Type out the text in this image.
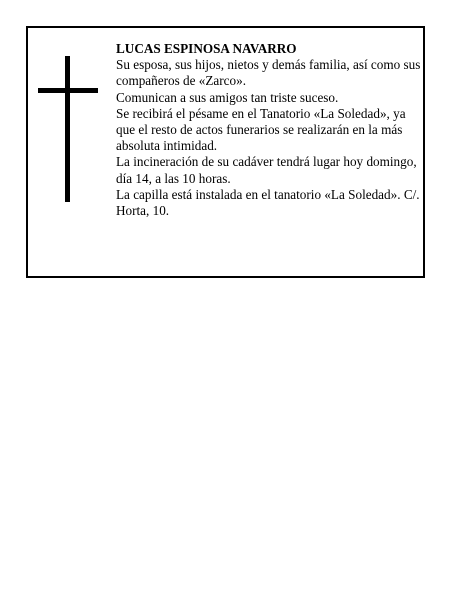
LUCAS ESPINOSA NAVARRO

Su esposa, sus hijos, nietos y demás familia, así como sus compañeros de «Zarco».

Comunican a sus amigos tan triste suceso.

Se recibirá el pésame en el Tanatorio «La Soledad», ya que el resto de actos funerarios se realizarán en la más absoluta intimidad.

La incineración de su cadáver tendrá lugar hoy domingo, día 14, a las 10 horas.

La capilla está instalada en el tanatorio «La Soledad». C/. Horta, 10.
